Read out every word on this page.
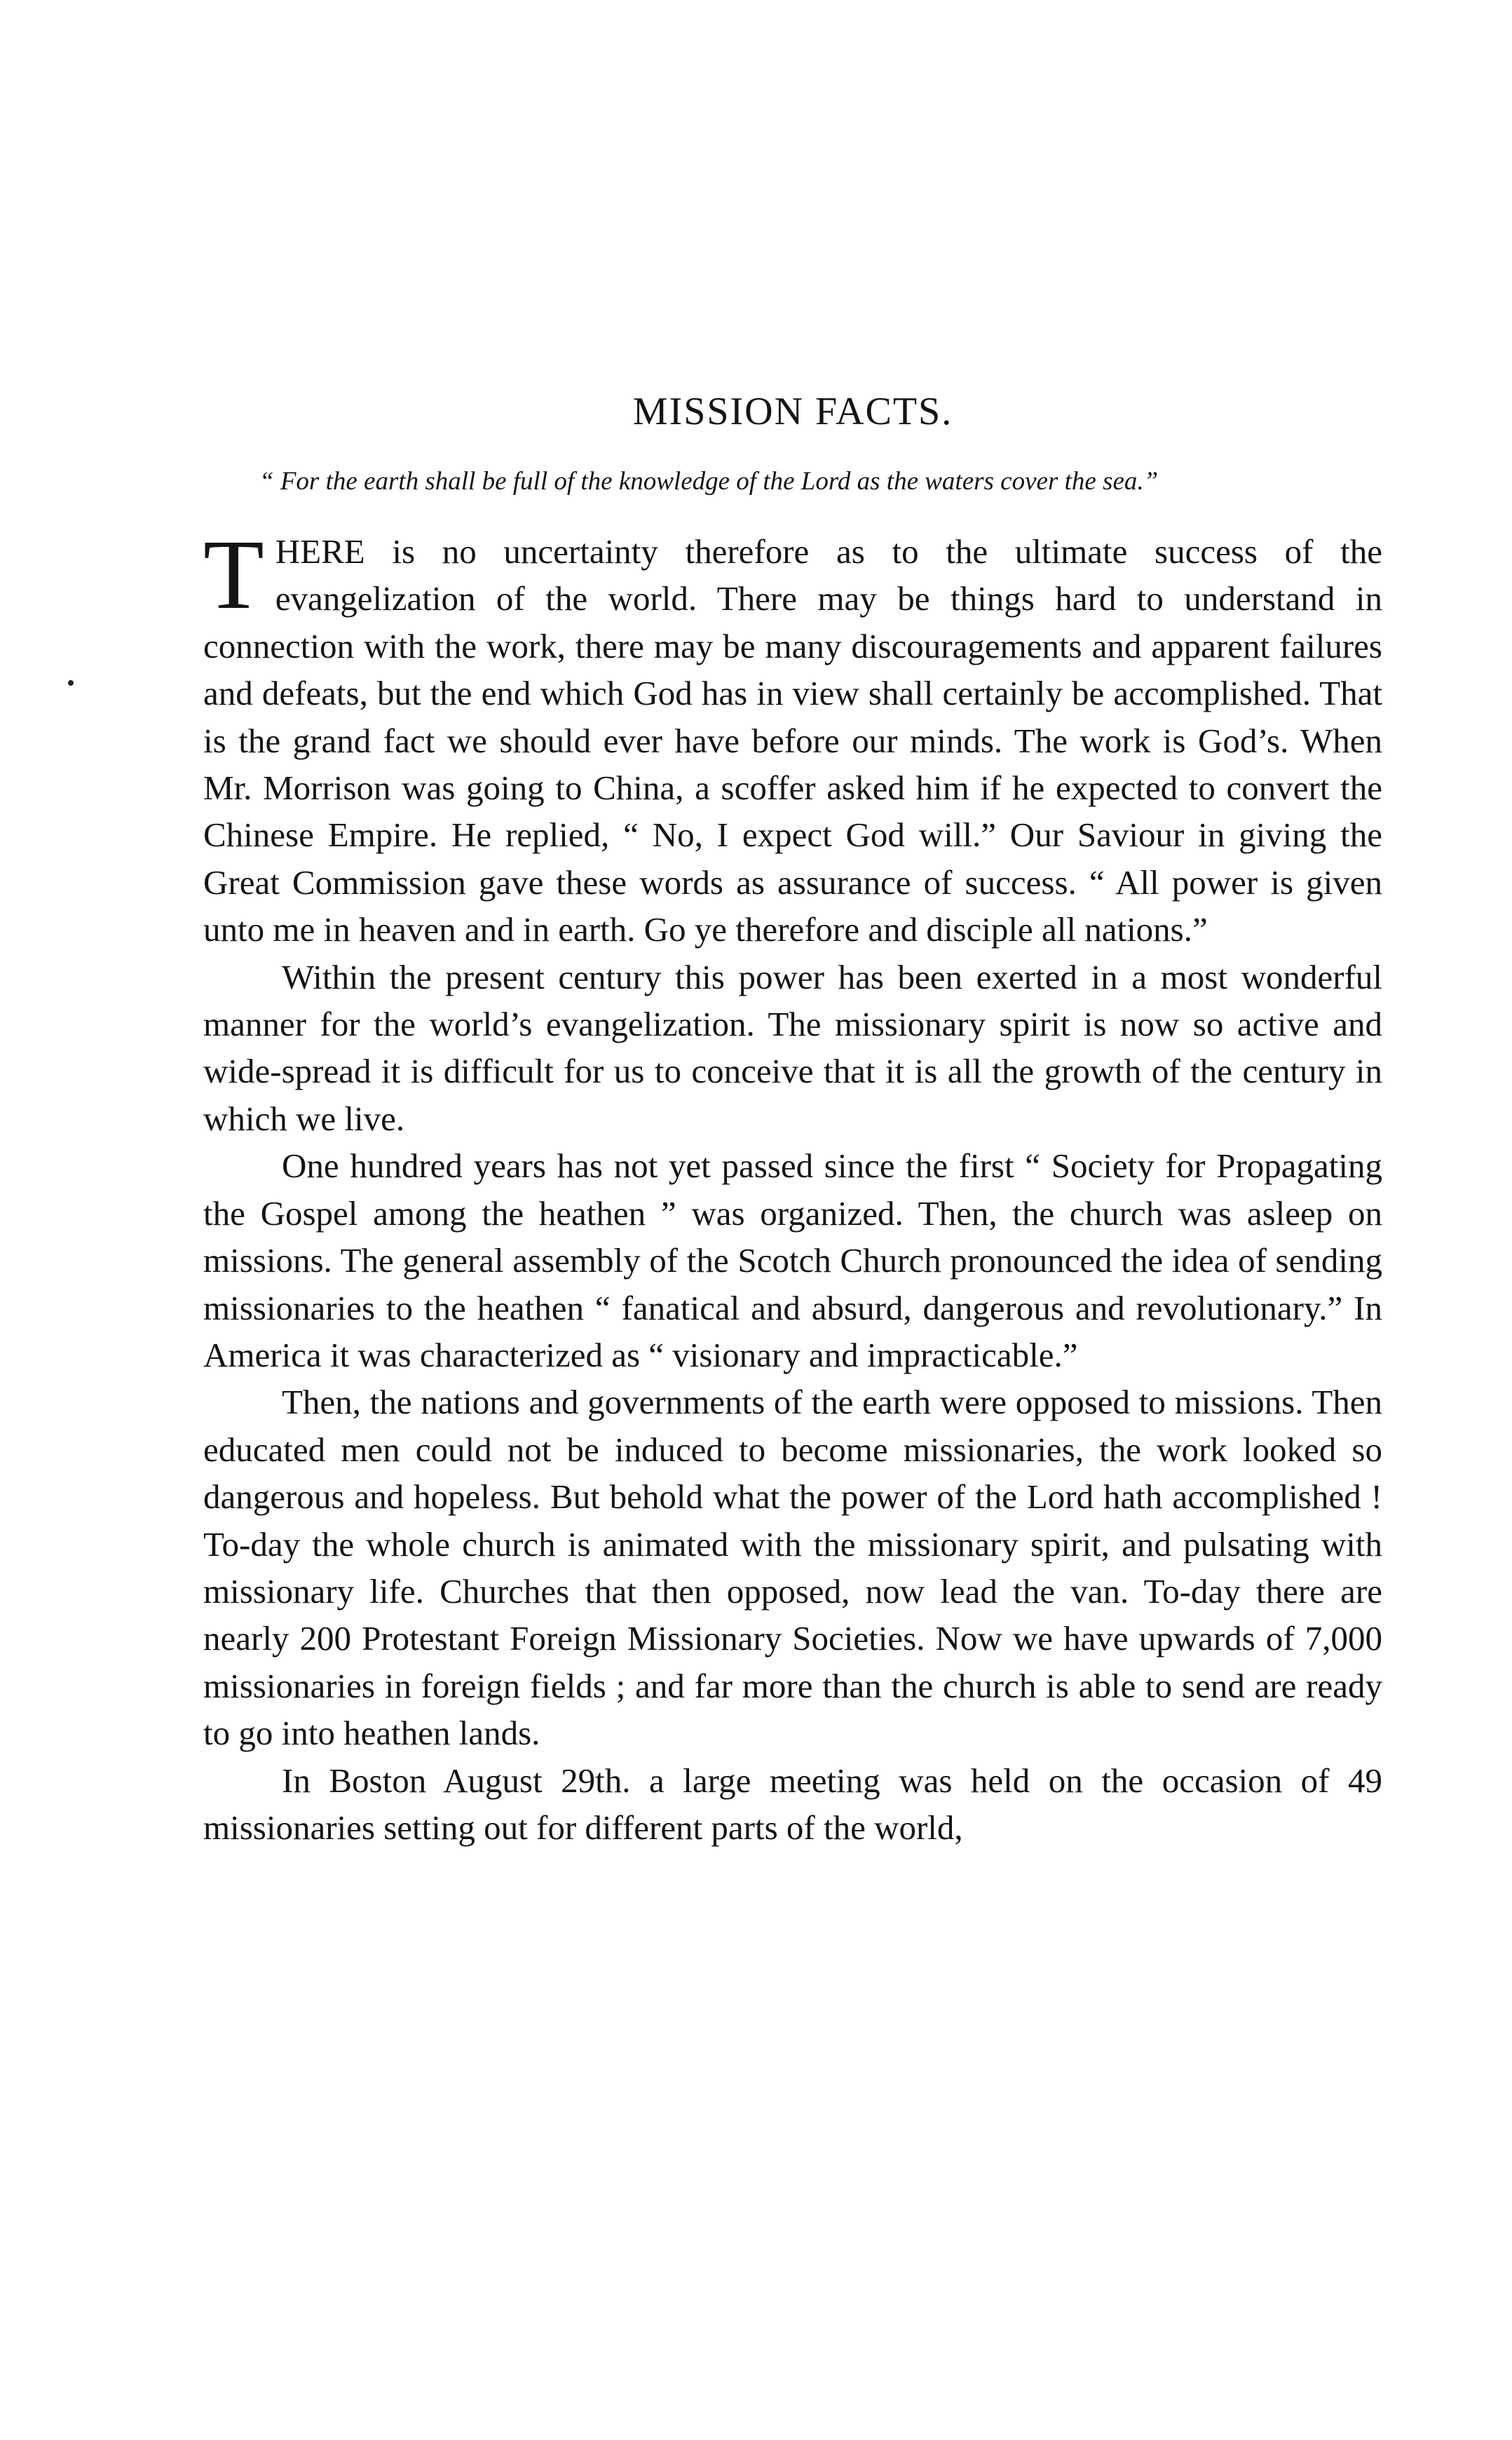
MISSION FACTS.

“ For the earth shall be full of the knowledge of the Lord as the waters cover the sea.”

THERE is no uncertainty therefore as to the ultimate success of the evangelization of the world. There may be things hard to understand in connection with the work, there may be many discouragements and apparent failures and defeats, but the end which God has in view shall certainly be accomplished. That is the grand fact we should ever have before our minds. The work is God’s. When Mr. Morrison was going to China, a scoffer asked him if he expected to convert the Chinese Empire. He replied, “ No, I expect God will.” Our Saviour in giving the Great Commission gave these words as assurance of success. “ All power is given unto me in heaven and in earth. Go ye therefore and disciple all nations.”

Within the present century this power has been exerted in a most wonderful manner for the world’s evangelization. The missionary spirit is now so active and wide-spread it is difficult for us to conceive that it is all the growth of the century in which we live.

One hundred years has not yet passed since the first “ Society for Propagating the Gospel among the heathen ” was organized. Then, the church was asleep on missions. The general assembly of the Scotch Church pronounced the idea of sending missionaries to the heathen “ fanatical and absurd, dangerous and revolutionary.” In America it was characterized as “ visionary and impracticable.”

Then, the nations and governments of the earth were opposed to missions. Then educated men could not be induced to become missionaries, the work looked so dangerous and hopeless. But behold what the power of the Lord hath accomplished ! To-day the whole church is animated with the missionary spirit, and pulsating with missionary life. Churches that then opposed, now lead the van. To-day there are nearly 200 Protestant Foreign Missionary Societies. Now we have upwards of 7,000 missionaries in foreign fields ; and far more than the church is able to send are ready to go into heathen lands.

In Boston August 29th. a large meeting was held on the occasion of 49 missionaries setting out for different parts of the world,
